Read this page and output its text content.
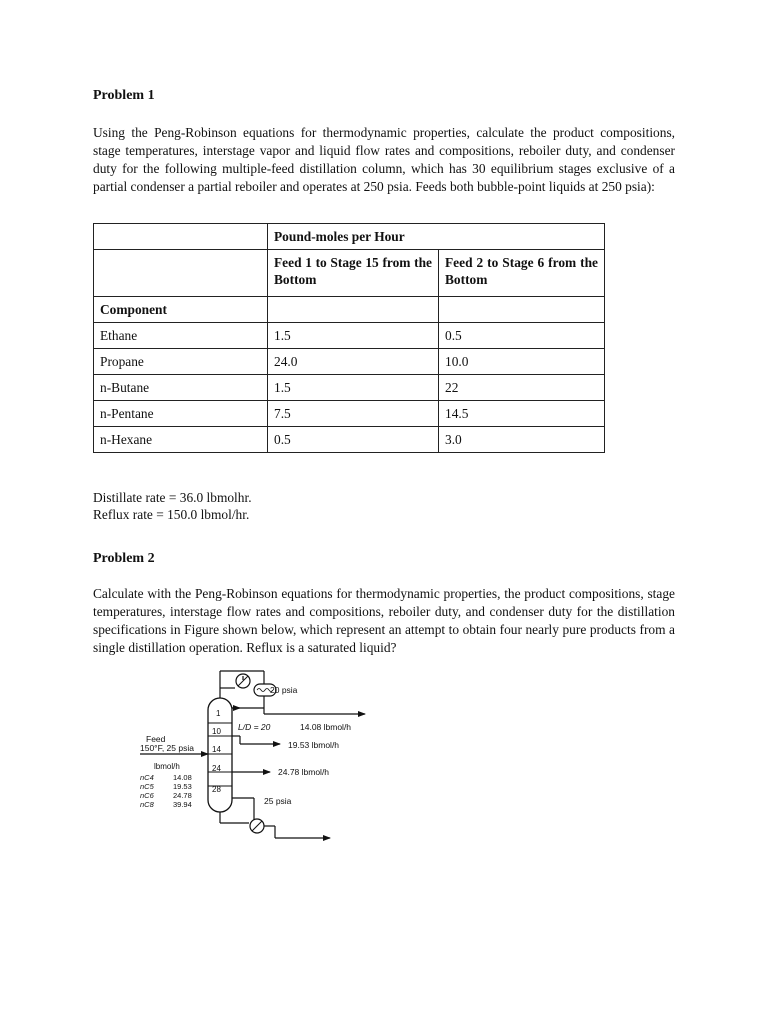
Problem 1
Using the Peng-Robinson equations for thermodynamic properties, calculate the product compositions, stage temperatures, interstage vapor and liquid flow rates and compositions, reboiler duty, and condenser duty for the following multiple-feed distillation column, which has 30 equilibrium stages exclusive of a partial condenser a partial reboiler and operates at 250 psia. Feeds both bubble-point liquids at 250 psia):
	Pound-moles per Hour	
	Feed 1 to Stage 15 from the Bottom	Feed 2 to Stage 6 from the Bottom
Component		
Ethane	1.5	0.5
Propane	24.0	10.0
n-Butane	1.5	22
n-Pentane	7.5	14.5
n-Hexane	0.5	3.0
Distillate rate = 36.0 lbmolhr.
Reflux rate = 150.0 lbmol/hr.
Problem 2
Calculate with the Peng-Robinson equations for thermodynamic properties, the product compositions, stage temperatures, interstage flow rates and compositions, reboiler duty, and condenser duty for the distillation specifications in Figure shown below, which represent an attempt to obtain four nearly pure products from a single distillation operation. Reflux is a saturated liquid?
20 psia
L/D = 20	14.08 lbmol/h
1
10
14
24
28
19.53 lbmol/h
24.78 lbmol/h
Feed
150°F, 25 psia
lbmol/h
nC4	14.08
nC5	19.53
nC6	24.78
nC8	39.94	25 psia
